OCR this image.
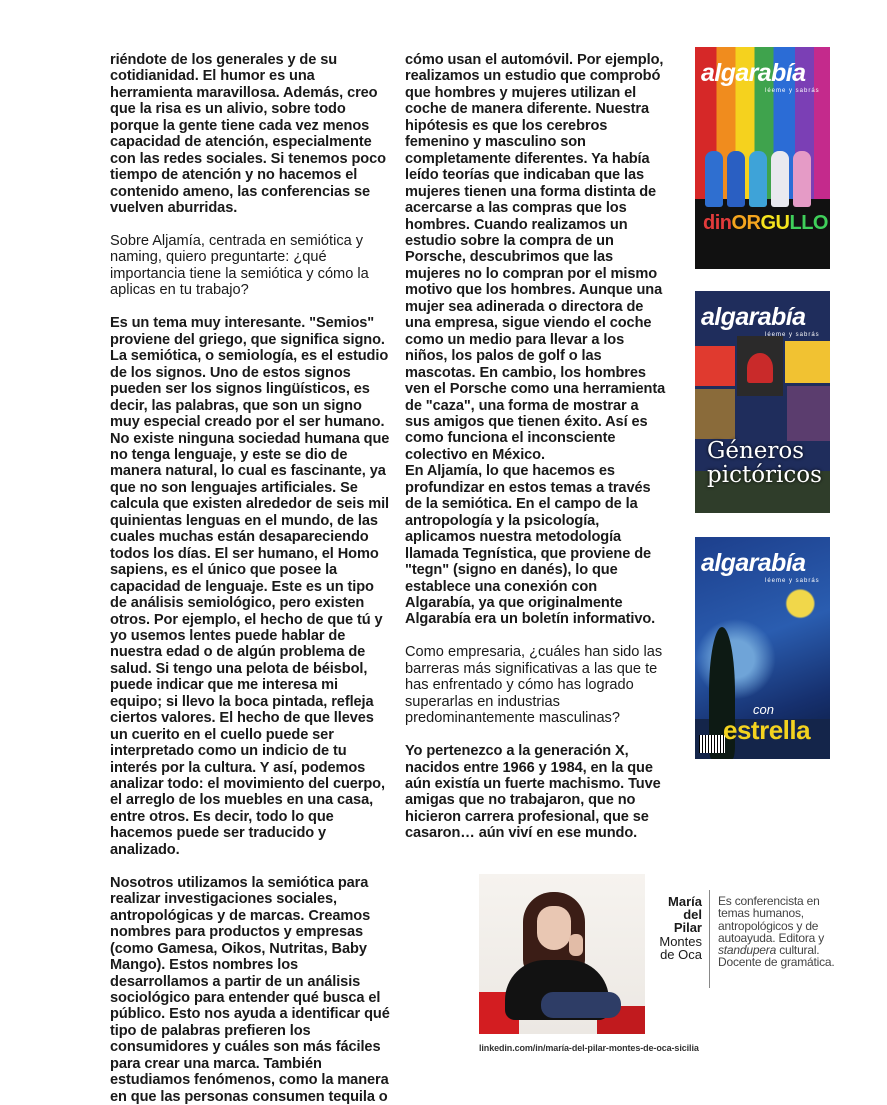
riéndote de los generales y de su cotidianidad. El humor es una herramienta maravillosa. Además, creo que la risa es un alivio, sobre todo porque la gente tiene cada vez menos capacidad de atención, especialmente con las redes sociales. Si tenemos poco tiempo de atención y no hacemos el contenido ameno, las conferencias se vuelven aburridas.

Sobre Aljamía, centrada en semiótica y naming, quiero preguntarte: ¿qué importancia tiene la semiótica y cómo la aplicas en tu trabajo?

Es un tema muy interesante. "Semios" proviene del griego, que significa signo. La semiótica, o semiología, es el estudio de los signos. Uno de estos signos pueden ser los signos lingüísticos, es decir, las palabras, que son un signo muy especial creado por el ser humano. No existe ninguna sociedad humana que no tenga lenguaje, y este se dio de manera natural, lo cual es fascinante, ya que no son lenguajes artificiales. Se calcula que existen alrededor de seis mil quinientas lenguas en el mundo, de las cuales muchas están desapareciendo todos los días. El ser humano, el Homo sapiens, es el único que posee la capacidad de lenguaje. Este es un tipo de análisis semiológico, pero existen otros. Por ejemplo, el hecho de que tú y yo usemos lentes puede hablar de nuestra edad o de algún problema de salud. Si tengo una pelota de béisbol, puede indicar que me interesa mi equipo; si llevo la boca pintada, refleja ciertos valores. El hecho de que lleves un cuerito en el cuello puede ser interpretado como un indicio de tu interés por la cultura. Y así, podemos analizar todo: el movimiento del cuerpo, el arreglo de los muebles en una casa, entre otros. Es decir, todo lo que hacemos puede ser traducido y analizado.

Nosotros utilizamos la semiótica para realizar investigaciones sociales, antropológicas y de marcas. Creamos nombres para productos y empresas (como Gamesa, Oikos, Nutritas, Baby Mango). Estos nombres los desarrollamos a partir de un análisis sociológico para entender qué busca el público. Esto nos ayuda a identificar qué tipo de palabras prefieren los consumidores y cuáles son más fáciles para crear una marca. También estudiamos fenómenos, como la manera en que las personas consumen tequila o

cómo usan el automóvil. Por ejemplo, realizamos un estudio que comprobó que hombres y mujeres utilizan el coche de manera diferente. Nuestra hipótesis es que los cerebros femenino y masculino son completamente diferentes. Ya había leído teorías que indicaban que las mujeres tienen una forma distinta de acercarse a las compras que los hombres. Cuando realizamos un estudio sobre la compra de un Porsche, descubrimos que las mujeres no lo compran por el mismo motivo que los hombres. Aunque una mujer sea adinerada o directora de una empresa, sigue viendo el coche como un medio para llevar a los niños, los palos de golf o las mascotas. En cambio, los hombres ven el Porsche como una herramienta de "caza", una forma de mostrar a sus amigos que tienen éxito. Así es como funciona el inconsciente colectivo en México.

En Aljamía, lo que hacemos es profundizar en estos temas a través de la semiótica. En el campo de la antropología y la psicología, aplicamos nuestra metodología llamada Tegnística, que proviene de "tegn" (signo en danés), lo que establece una conexión con Algarabía, ya que originalmente Algarabía era un boletín informativo.

Como empresaria, ¿cuáles han sido las barreras más significativas a las que te has enfrentado y cómo has logrado superarlas en industrias predominantemente masculinas?

Yo pertenezco a la generación X, nacidos entre 1966 y 1984, en la que aún existía un fuerte machismo. Tuve amigas que no trabajaron, que no hicieron carrera profesional, que se casaron… aún viví en ese mundo.

algarabía
léeme y sabrás
dinORGULLO
algarabía
léeme y sabrás
Géneros
pictóricos
algarabía
léeme y sabrás
con
estrella
María
del
Pilar
Montes
de Oca
Es conferencista en temas humanos, antropológicos y de autoayuda. Editora y standupera cultural. Docente de gramática.
linkedin.com/in/maría-del-pilar-montes-de-oca-sicilia
